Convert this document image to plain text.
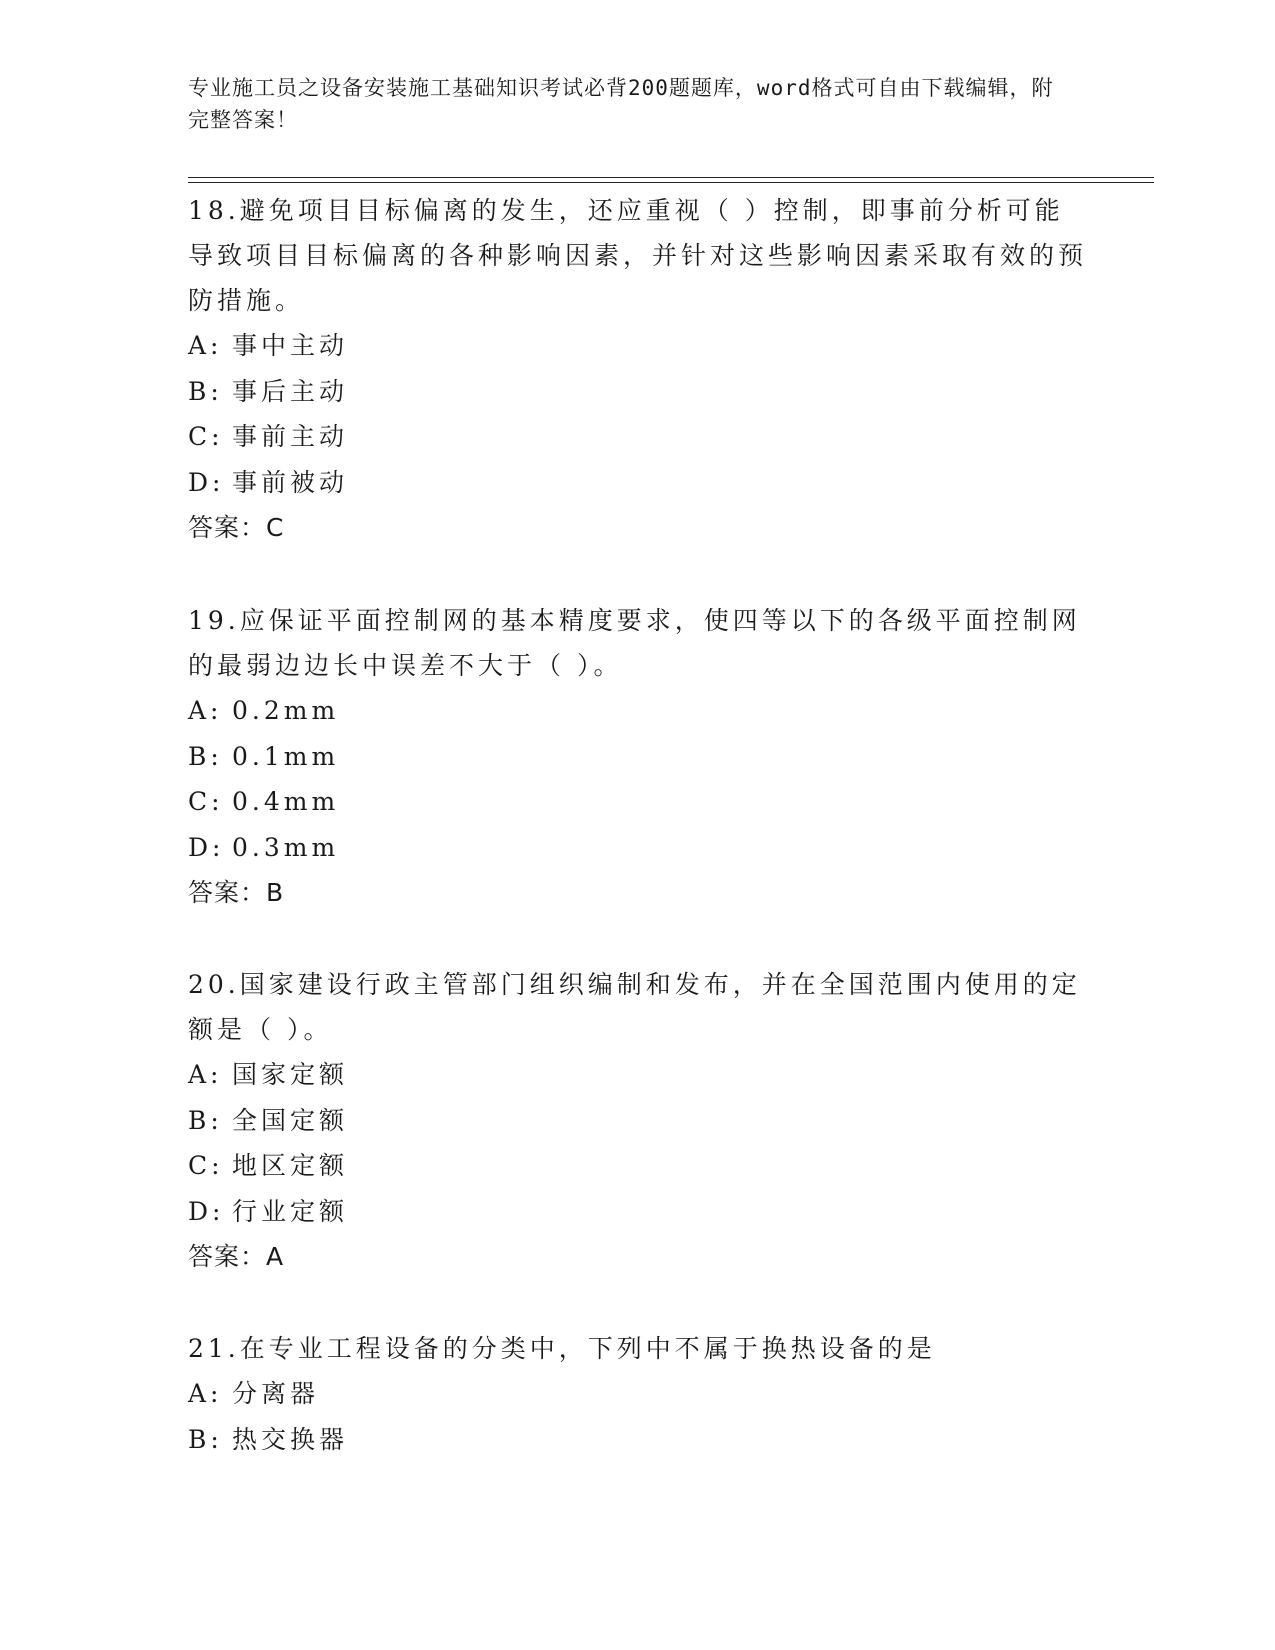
专业施工员之设备安装施工基础知识考试必背200题题库，word格式可自由下载编辑，附完整答案！

18.避免项目目标偏离的发生，还应重视（ ）控制，即事前分析可能导致项目目标偏离的各种影响因素，并针对这些影响因素采取有效的预防措施。

A: 事中主动

B: 事后主动

C: 事前主动

D: 事前被动

答案：C

19.应保证平面控制网的基本精度要求，使四等以下的各级平面控制网的最弱边边长中误差不大于（ ）。

A: 0.2mm

B: 0.1mm

C: 0.4mm

D: 0.3mm

答案：B

20.国家建设行政主管部门组织编制和发布，并在全国范围内使用的定额是（ ）。

A: 国家定额

B: 全国定额

C: 地区定额

D: 行业定额

答案：A

21.在专业工程设备的分类中，下列中不属于换热设备的是

A: 分离器

B: 热交换器
